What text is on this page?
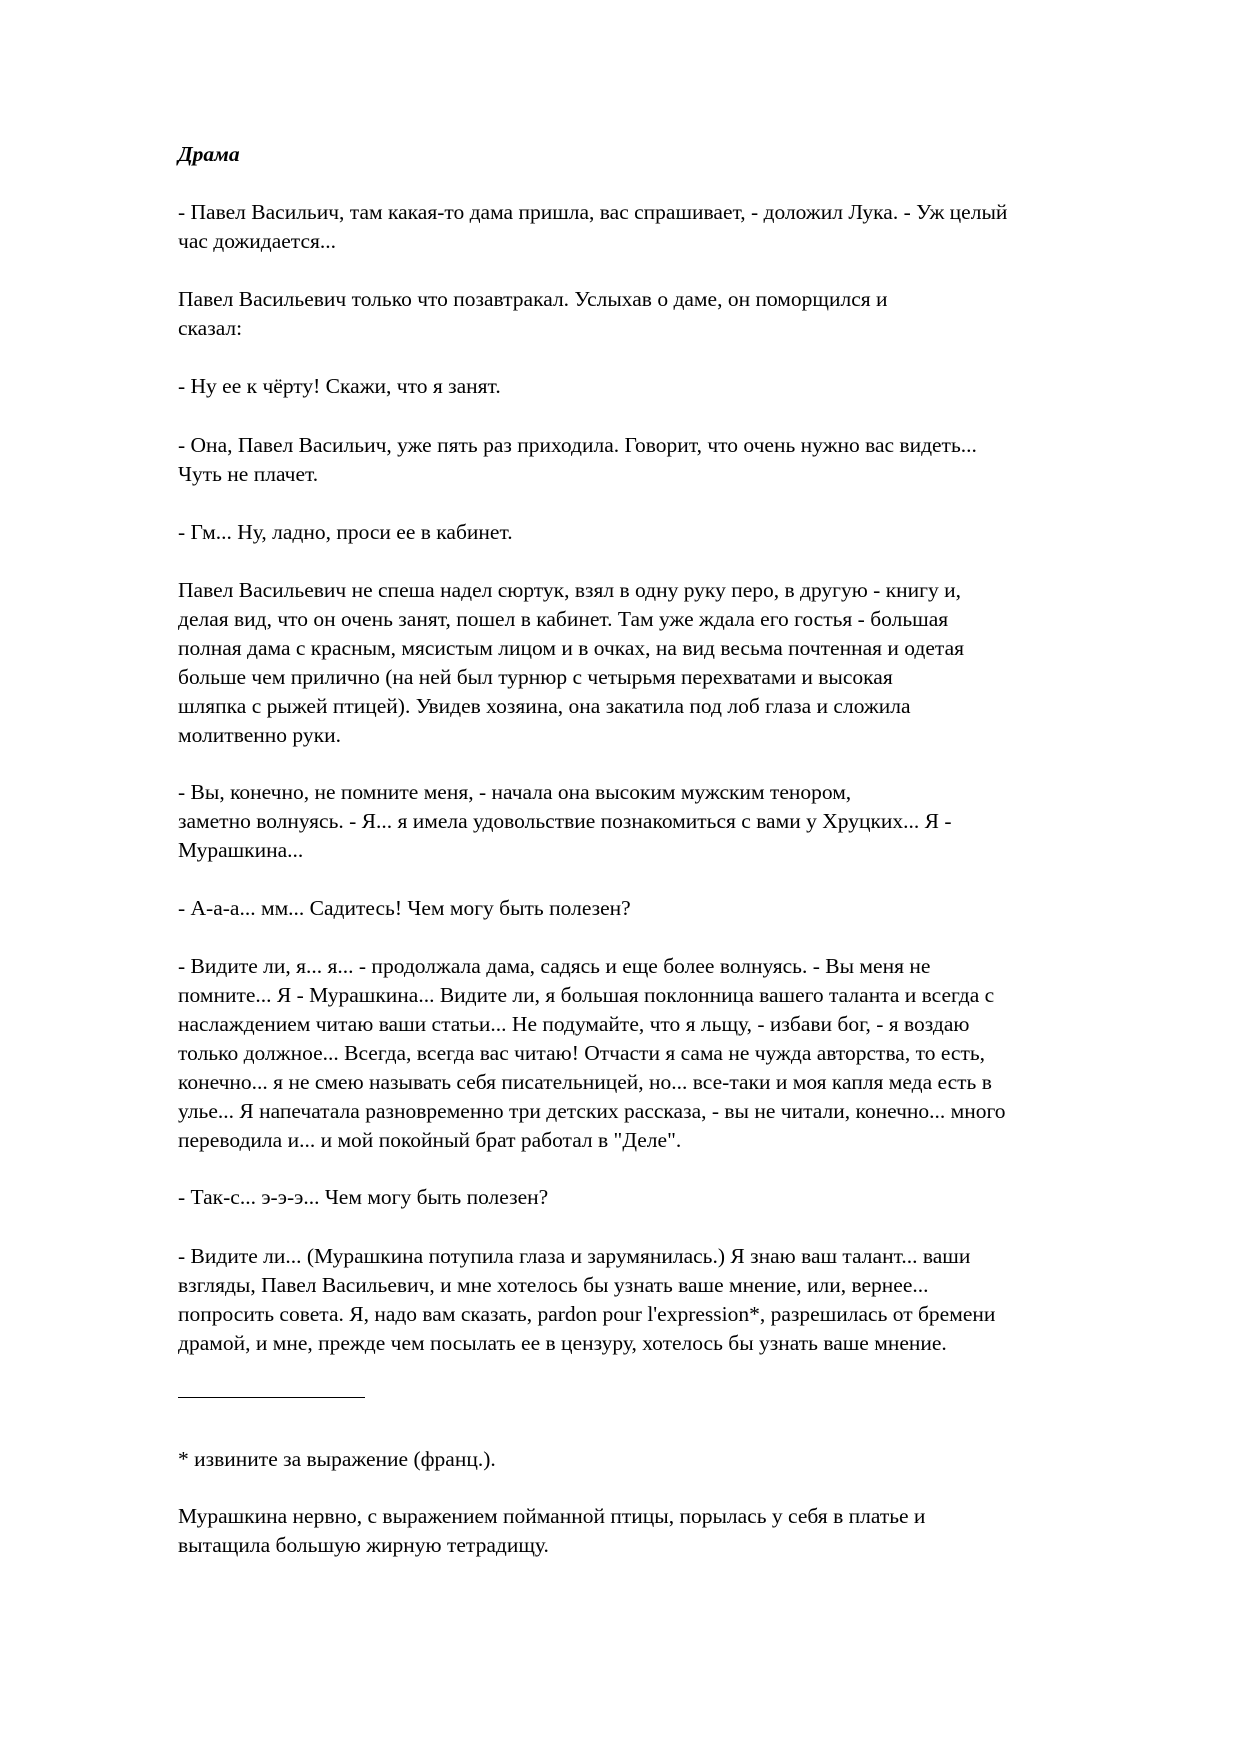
Драма

- Павел Васильич, там какая-то дама пришла, вас спрашивает, - доложил Лука. - Уж целый
час дожидается...

Павел Васильевич только что позавтракал. Услыхав о даме, он поморщился и
сказал:

- Ну ее к чёрту! Скажи, что я занят.

- Она, Павел Васильич, уже пять раз приходила. Говорит, что очень нужно вас видеть...
Чуть не плачет.

- Гм... Ну, ладно, проси ее в кабинет.

Павел Васильевич не спеша надел сюртук, взял в одну руку перо, в другую - книгу и,
делая вид, что он очень занят, пошел в кабинет. Там уже ждала его гостья - большая
полная дама с красным, мясистым лицом и в очках, на вид весьма почтенная и одетая
больше чем прилично (на ней был турнюр с четырьмя перехватами и высокая
шляпка с рыжей птицей). Увидев хозяина, она закатила под лоб глаза и сложила
молитвенно руки.

- Вы, конечно, не помните меня, - начала она высоким мужским тенором,
заметно волнуясь. - Я... я имела удовольствие познакомиться с вами у Хруцких... Я -
Мурашкина...

- А-а-а... мм... Садитесь! Чем могу быть полезен?

- Видите ли, я... я... - продолжала дама, садясь и еще более волнуясь. - Вы меня не
помните... Я - Мурашкина... Видите ли, я большая поклонница вашего таланта и всегда с
наслаждением читаю ваши статьи... Не подумайте, что я льщу, - избави бог, - я воздаю
только должное... Всегда, всегда вас читаю! Отчасти я сама не чужда авторства, то есть,
конечно... я не смею называть себя писательницей, но... все-таки и моя капля меда есть в
улье... Я напечатала разновременно три детских рассказа, - вы не читали, конечно... много
переводила и... и мой покойный брат работал в "Деле".

- Так-с... э-э-э... Чем могу быть полезен?

- Видите ли... (Мурашкина потупила глаза и зарумянилась.) Я знаю ваш талант... ваши
взгляды, Павел Васильевич, и мне хотелось бы узнать ваше мнение, или, вернее...
попросить совета. Я, надо вам сказать, pardon pour l'expression*, разрешилась от бремени
драмой, и мне, прежде чем посылать ее в цензуру, хотелось бы узнать ваше мнение.

* извините за выражение (франц.).

Мурашкина нервно, с выражением пойманной птицы, порылась у себя в платье и
вытащила большую жирную тетрадищу.
